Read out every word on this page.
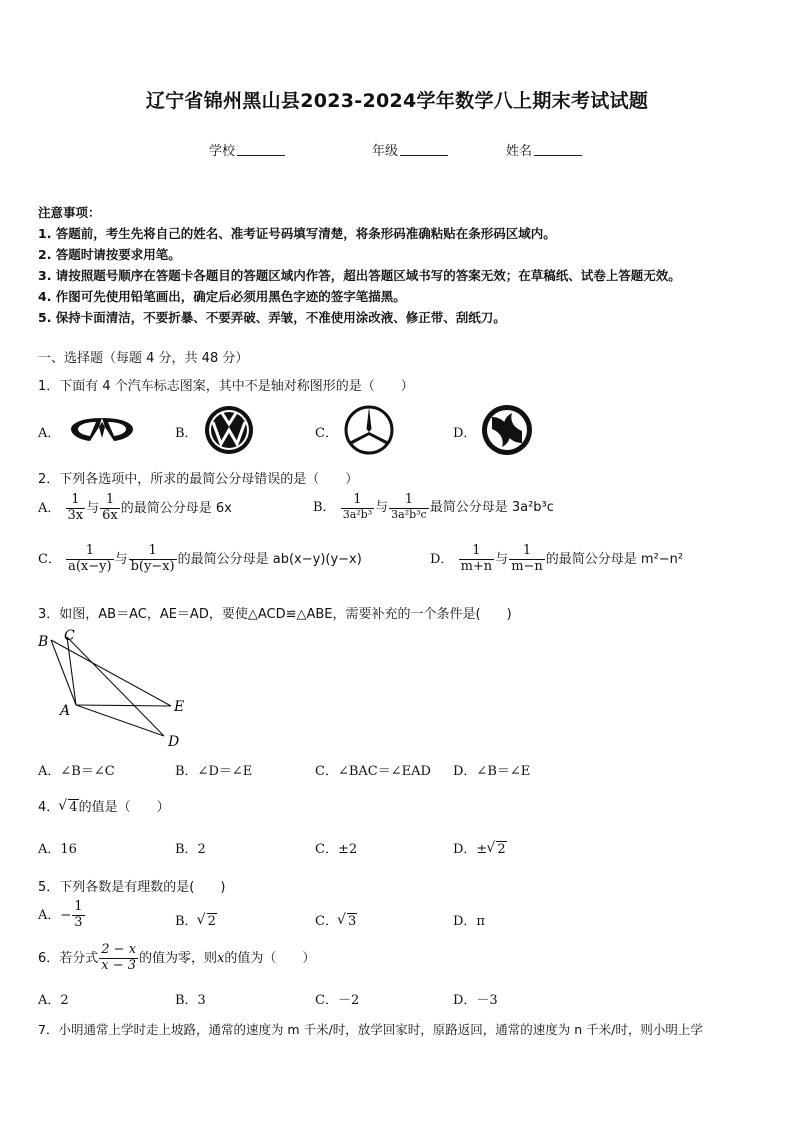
辽宁省锦州黑山县2023-2024学年数学八上期末考试试题
学校	年级	姓名
注意事项：
1. 答题前，考生先将自己的姓名、准考证号码填写清楚，将条形码准确粘贴在条形码区域内。
2. 答题时请按要求用笔。
3. 请按照题号顺序在答题卡各题目的答题区域内作答，超出答题区域书写的答案无效；在草稿纸、试卷上答题无效。
4. 作图可先使用铅笔画出，确定后必须用黑色字迹的签字笔描黑。
5. 保持卡面清洁，不要折暴、不要弄破、弄皱，不准使用涂改液、修正带、刮纸刀。
一、选择题（每题 4 分，共 48 分）
1．下面有 4 个汽车标志图案，其中不是轴对称图形的是（　　）
A．	B．	C．	D．
2．下列各选项中，所求的最简公分母错误的是（　　）
A． $\frac{1}{3x}$ 与 $\frac{1}{6x}$ 的最简公分母是 6x	B． $\frac{1}{\text{3a²b³}}$ 与 $\frac{1}{\text{3a²b³c}}$ 最简公分母是 3a²b³c
C． $\frac{1}{a(x-y)}$ 与 $\frac{1}{b(y-x)}$ 的最简公分母是 ab(x−y)(y−x)	D． $\frac{1}{m+n}$ 与 $\frac{1}{m-n}$ 的最简公分母是 m²−n²
3．如图，AB＝AC，AE＝AD，要使△ACD≌△ABE，需要补充的一个条件是(　　)
B C
A	E
D
A．∠B＝∠C	B．∠D＝∠E	C．∠BAC＝∠EAD D．∠B＝∠E
4． √ 4的值是（　　）
A．16	B．2	C．±2	D．± √ 2
5．下列各数是有理数的是(　　)
A．− $\frac{1}{3}$	B． √ 2	C． √ 3	D．π
6．若分式 $\frac{2 - x}{x - 3}$ 的值为零，则x的值为（　　）
A．2	B．3	C．－2	D．－3
7．小明通常上学时走上坡路，通常的速度为 m 千米/时，放学回家时，原路返回，通常的速度为 n 千米/时，则小明上学
